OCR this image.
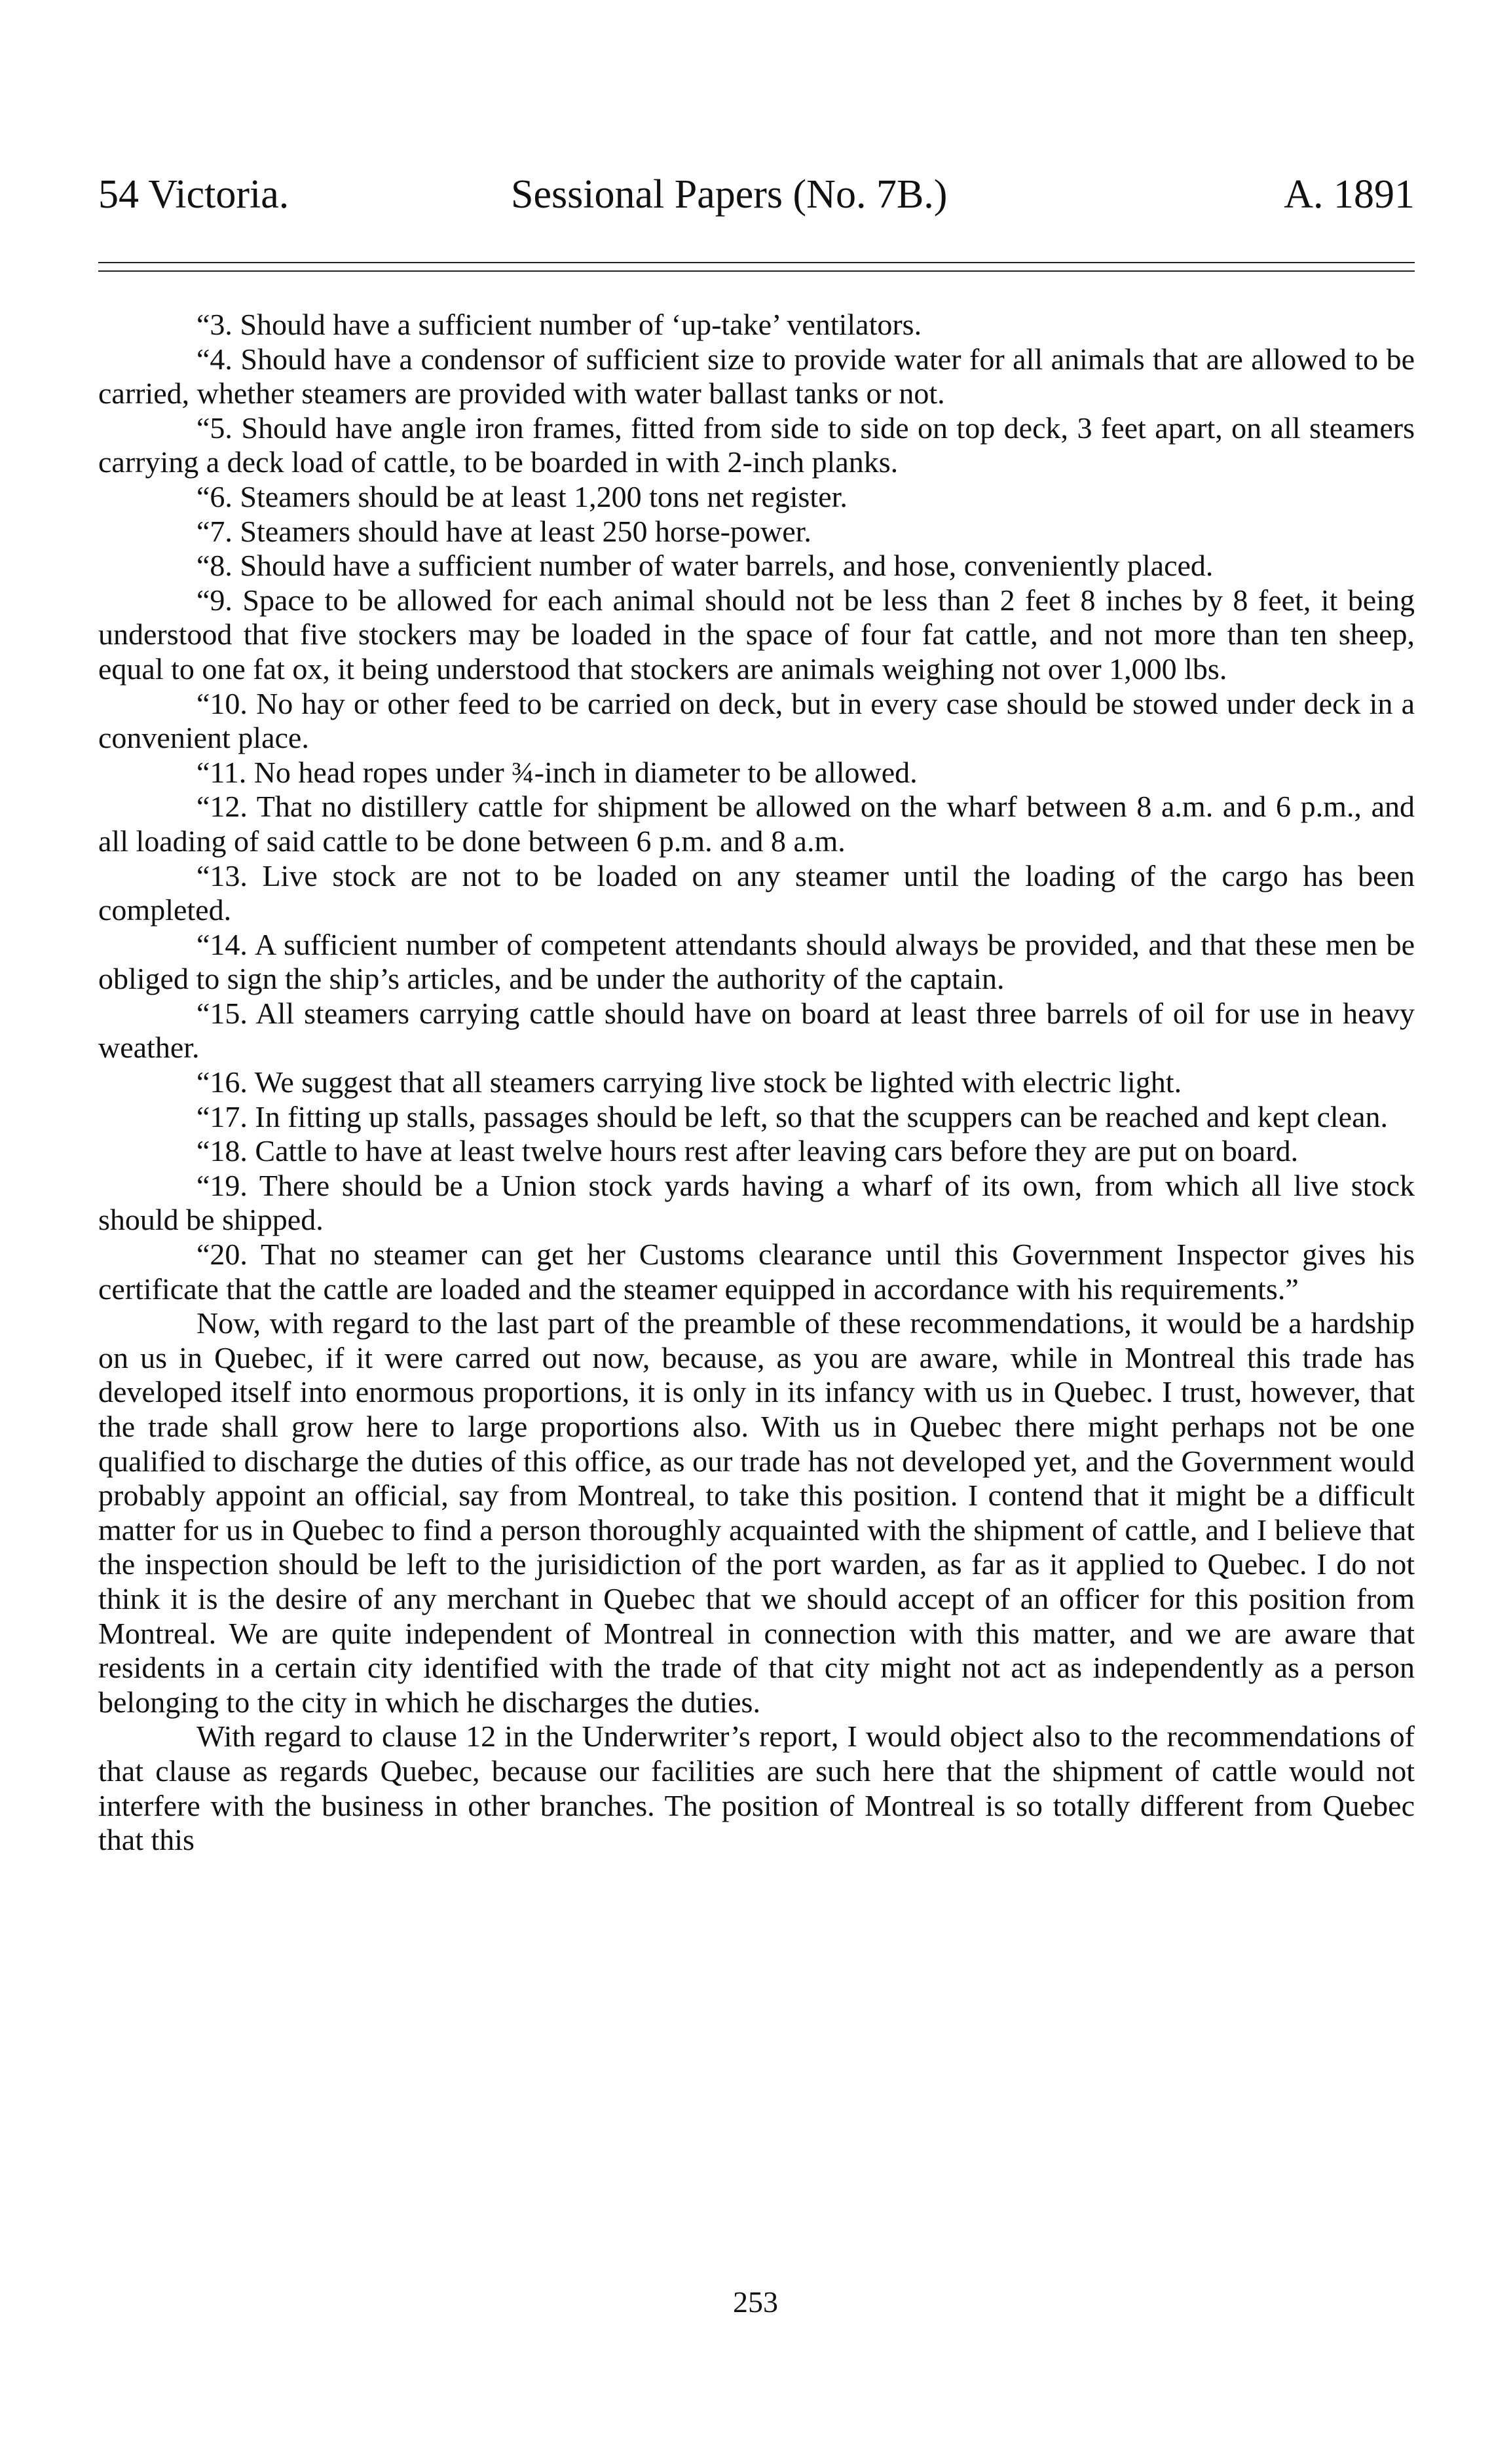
54 Victoria.	Sessional Papers (No. 7B.)	A. 1891

“3. Should have a sufficient number of ‘up-take’ ventilators.

“4. Should have a condensor of sufficient size to provide water for all animals that are allowed to be carried, whether steamers are provided with water ballast tanks or not.

“5. Should have angle iron frames, fitted from side to side on top deck, 3 feet apart, on all steamers carrying a deck load of cattle, to be boarded in with 2-inch planks.

“6. Steamers should be at least 1,200 tons net register.

“7. Steamers should have at least 250 horse-power.

“8. Should have a sufficient number of water barrels, and hose, conveniently placed.

“9. Space to be allowed for each animal should not be less than 2 feet 8 inches by 8 feet, it being understood that five stockers may be loaded in the space of four fat cattle, and not more than ten sheep, equal to one fat ox, it being understood that stockers are animals weighing not over 1,000 lbs.

“10. No hay or other feed to be carried on deck, but in every case should be stowed under deck in a convenient place.

“11. No head ropes under ¾-inch in diameter to be allowed.

“12. That no distillery cattle for shipment be allowed on the wharf between 8 a.m. and 6 p.m., and all loading of said cattle to be done between 6 p.m. and 8 a.m.

“13. Live stock are not to be loaded on any steamer until the loading of the cargo has been completed.

“14. A sufficient number of competent attendants should always be provided, and that these men be obliged to sign the ship’s articles, and be under the authority of the captain.

“15. All steamers carrying cattle should have on board at least three barrels of oil for use in heavy weather.

“16. We suggest that all steamers carrying live stock be lighted with electric light.

“17. In fitting up stalls, passages should be left, so that the scuppers can be reached and kept clean.

“18. Cattle to have at least twelve hours rest after leaving cars before they are put on board.

“19. There should be a Union stock yards having a wharf of its own, from which all live stock should be shipped.

“20. That no steamer can get her Customs clearance until this Government Inspector gives his certificate that the cattle are loaded and the steamer equipped in accordance with his requirements.”

Now, with regard to the last part of the preamble of these recommendations, it would be a hardship on us in Quebec, if it were carred out now, because, as you are aware, while in Montreal this trade has developed itself into enormous proportions, it is only in its infancy with us in Quebec. I trust, however, that the trade shall grow here to large proportions also. With us in Quebec there might perhaps not be one qualified to discharge the duties of this office, as our trade has not developed yet, and the Government would probably appoint an official, say from Montreal, to take this position. I contend that it might be a difficult matter for us in Quebec to find a person thoroughly acquainted with the shipment of cattle, and I believe that the inspection should be left to the jurisidiction of the port warden, as far as it applied to Quebec. I do not think it is the desire of any merchant in Quebec that we should accept of an officer for this position from Montreal. We are quite independent of Montreal in connection with this matter, and we are aware that residents in a certain city identified with the trade of that city might not act as independently as a person belonging to the city in which he discharges the duties.

With regard to clause 12 in the Underwriter’s report, I would object also to the recommendations of that clause as regards Quebec, because our facilities are such here that the shipment of cattle would not interfere with the business in other branches. The position of Montreal is so totally different from Quebec that this

253
